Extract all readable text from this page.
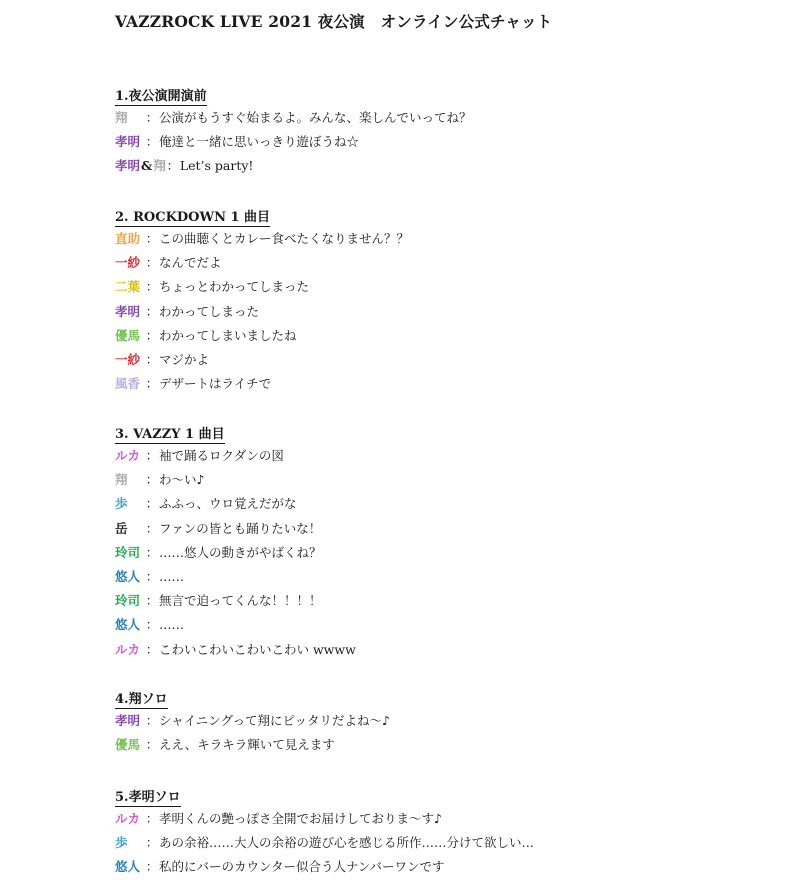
VAZZROCK LIVE 2021 夜公演　オンライン公式チャット
1.夜公演開演前
翔	： 公演がもうすぐ始まるよ。みんな、楽しんでいってね？
孝明 ： 俺達と一緒に思いっきり遊ぼうね☆
孝明 & 翔 ： Let’s party!
2. ROCKDOWN 1 曲目
直助 ： この曲聴くとカレー食べたくなりません？？
一紗 ： なんでだよ
二葉 ： ちょっとわかってしまった
孝明 ： わかってしまった
優馬 ： わかってしまいましたね
一紗 ： マジかよ
風香 ： デザートはライチで
3. VAZZY 1 曲目
ルカ ： 袖で踊るロクダンの図
翔	： わ〜い♪
歩	： ふふっ、ウロ覚えだがな
岳	： ファンの皆とも踊りたいな！
玲司 ： ……悠人の動きがやばくね？
悠人 ： ……
玲司 ： 無言で迫ってくんな！！！！
悠人 ： ……
ルカ ： こわいこわいこわいこわい wwww
4.翔ソロ
孝明 ： シャイニングって翔にピッタリだよね〜♪
優馬 ： ええ、キラキラ輝いて見えます
5.孝明ソロ
ルカ ： 孝明くんの艶っぽさ全開でお届けしておりま〜す♪
歩	： あの余裕……大人の余裕の遊び心を感じる所作……分けて欲しい…
悠人 ： 私的にバーのカウンター似合う人ナンバーワンです
